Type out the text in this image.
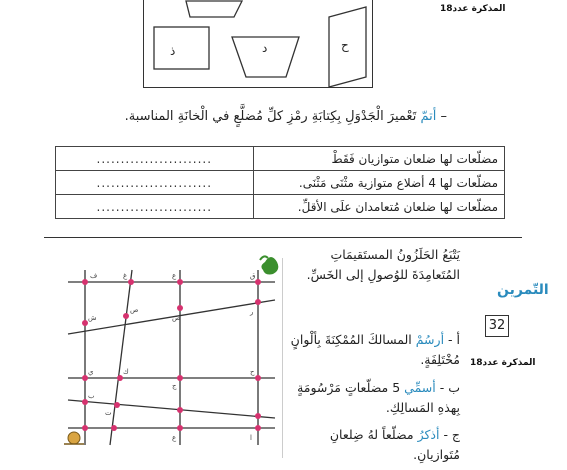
ذ	د	ح
المذكرة عدد18
– أتمّ تَعْميرَ الْجَدْوَلِ بِكِتابَةِ رمْزِ كلِّ مُضلَّعٍ في الْخانَةِ المناسبة.
مضلّعات لها ضلعان متوازيان فَقَطْ	........................
مضلّعات لها 4 أضلاع متوازية مثْنَى مَثْنَى.	........................
مضلّعات لها ضلعان مُتعامدان علَى الأقلِّ.	........................
ف	غ	ع	ق
ش
ص
ض
ر
ي	ك
ج
ح
ب
ت
ع	ا
يَتْبَعُ الحَلَزُونُ المستَقيمَاتِ المُتَعامِدَةَ للوُصولِ إلى الخَسِّ.
أ - أرسُمْ المسالكَ المُمْكِنَةَ بِألْوانٍ مُخْتَلِفَةٍ.
ب - أسمِّي 5 مضلّعاتٍ مَرْسُومَةٍ بِهذهِ المَسالِكِ.
ج - أذكرُ مضلّعاً لهُ ضِلعانِ مُتَوازيانِ.
التّمرين
32
المذكرة عدد18
